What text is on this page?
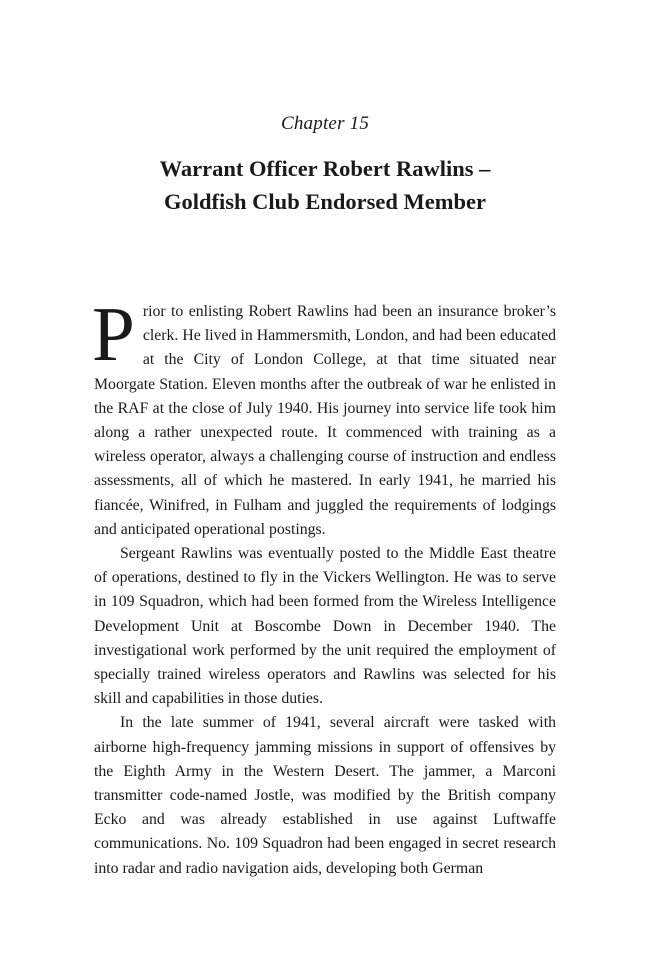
Chapter 15
Warrant Officer Robert Rawlins –
Goldfish Club Endorsed Member

Prior to enlisting Robert Rawlins had been an insurance broker’s clerk. He lived in Hammersmith, London, and had been educated at the City of London College, at that time situated near Moorgate Station. Eleven months after the outbreak of war he enlisted in the RAF at the close of July 1940. His journey into service life took him along a rather unexpected route. It commenced with training as a wireless operator, always a challenging course of instruction and endless assessments, all of which he mastered. In early 1941, he married his fiancée, Winifred, in Fulham and juggled the requirements of lodgings and anticipated operational postings.

Sergeant Rawlins was eventually posted to the Middle East theatre of operations, destined to fly in the Vickers Wellington. He was to serve in 109 Squadron, which had been formed from the Wireless Intelligence Development Unit at Boscombe Down in December 1940. The investigational work performed by the unit required the employment of specially trained wireless operators and Rawlins was selected for his skill and capabilities in those duties.

In the late summer of 1941, several aircraft were tasked with airborne high-frequency jamming missions in support of offensives by the Eighth Army in the Western Desert. The jammer, a Marconi transmitter code-named Jostle, was modified by the British company Ecko and was already established in use against Luftwaffe communications. No. 109 Squadron had been engaged in secret research into radar and radio navigation aids, developing both German
